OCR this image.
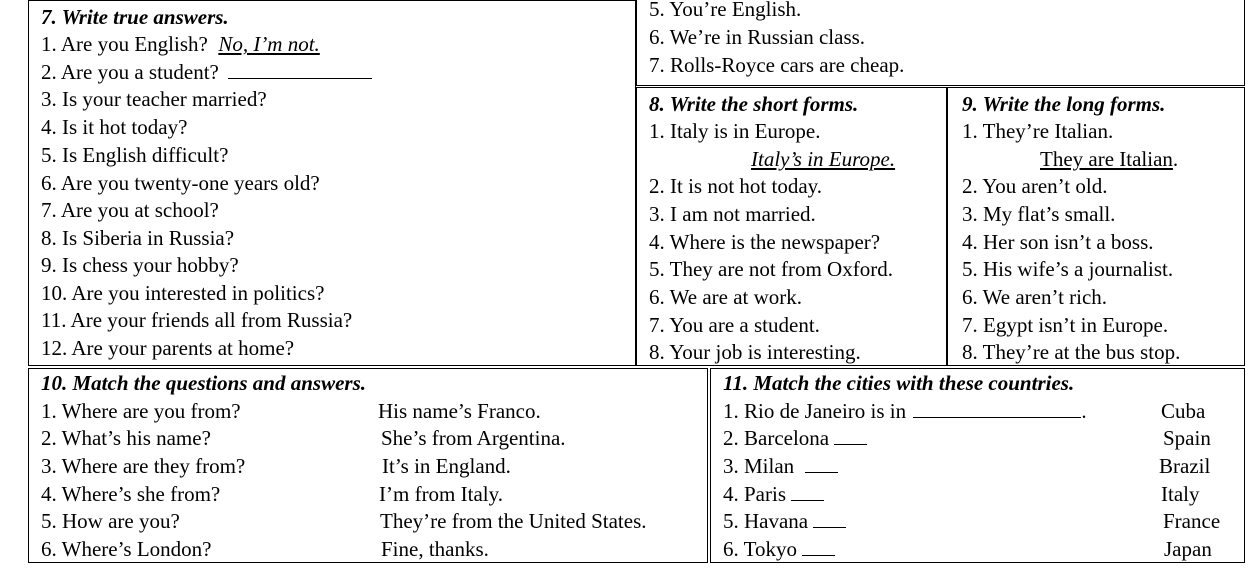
7. Write true answers.
1. Are you English? No, I’m not.
2. Are you a student?
3. Is your teacher married?
4. Is it hot today?
5. Is English difficult?
6. Are you twenty-one years old?
7. Are you at school?
8. Is Siberia in Russia?
9. Is chess your hobby?
10. Are you interested in politics?
11. Are your friends all from Russia?
12. Are your parents at home?
5. You’re English.
6. We’re in Russian class.
7. Rolls-Royce cars are cheap.
8. Write the short forms.
1. Italy is in Europe.
Italy’s in Europe.
2. It is not hot today.
3. I am not married.
4. Where is the newspaper?
5. They are not from Oxford.
6. We are at work.
7. You are a student.
8. Your job is interesting.
9. Write the long forms.
1. They’re Italian.
They are Italian.
2. You aren’t old.
3. My flat’s small.
4. Her son isn’t a boss.
5. His wife’s a journalist.
6. We aren’t rich.
7. Egypt isn’t in Europe.
8. They’re at the bus stop.
10. Match the questions and answers.
1. Where are you from?
2. What’s his name?
3. Where are they from?
4. Where’s she from?
5. How are you?
6. Where’s London?
His name’s Franco.
She’s from Argentina.
It’s in England.
I’m from Italy.
They’re from the United States.
Fine, thanks.
11. Match the cities with these countries.
1. Rio de Janeiro is in	.
2. Barcelona
3. Milan
4. Paris
5. Havana
6. Tokyo
Cuba
Spain
Brazil
Italy
France
Japan
